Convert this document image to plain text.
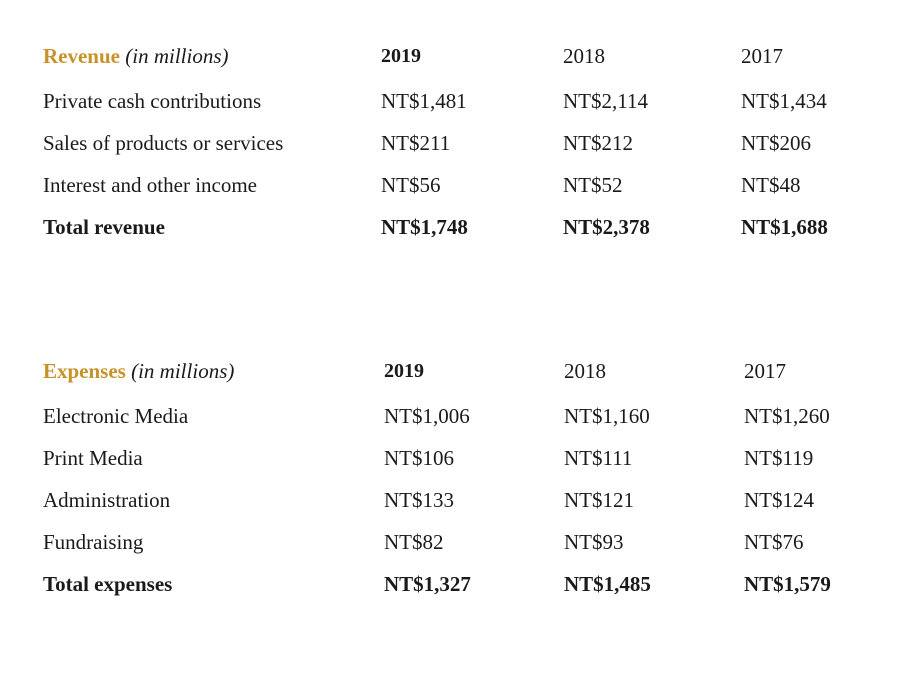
Revenue (in millions)	2019	2018	2017
Private cash contributions	NT$1,481	NT$2,114	NT$1,434
Sales of products or services	NT$211	NT$212	NT$206
Interest and other income	NT$56	NT$52	NT$48
Total revenue	NT$1,748	NT$2,378	NT$1,688
Expenses (in millions)	2019	2018	2017
Electronic Media	NT$1,006	NT$1,160	NT$1,260
Print Media	NT$106	NT$111	NT$119
Administration	NT$133	NT$121	NT$124
Fundraising	NT$82	NT$93	NT$76
Total expenses	NT$1,327	NT$1,485	NT$1,579
